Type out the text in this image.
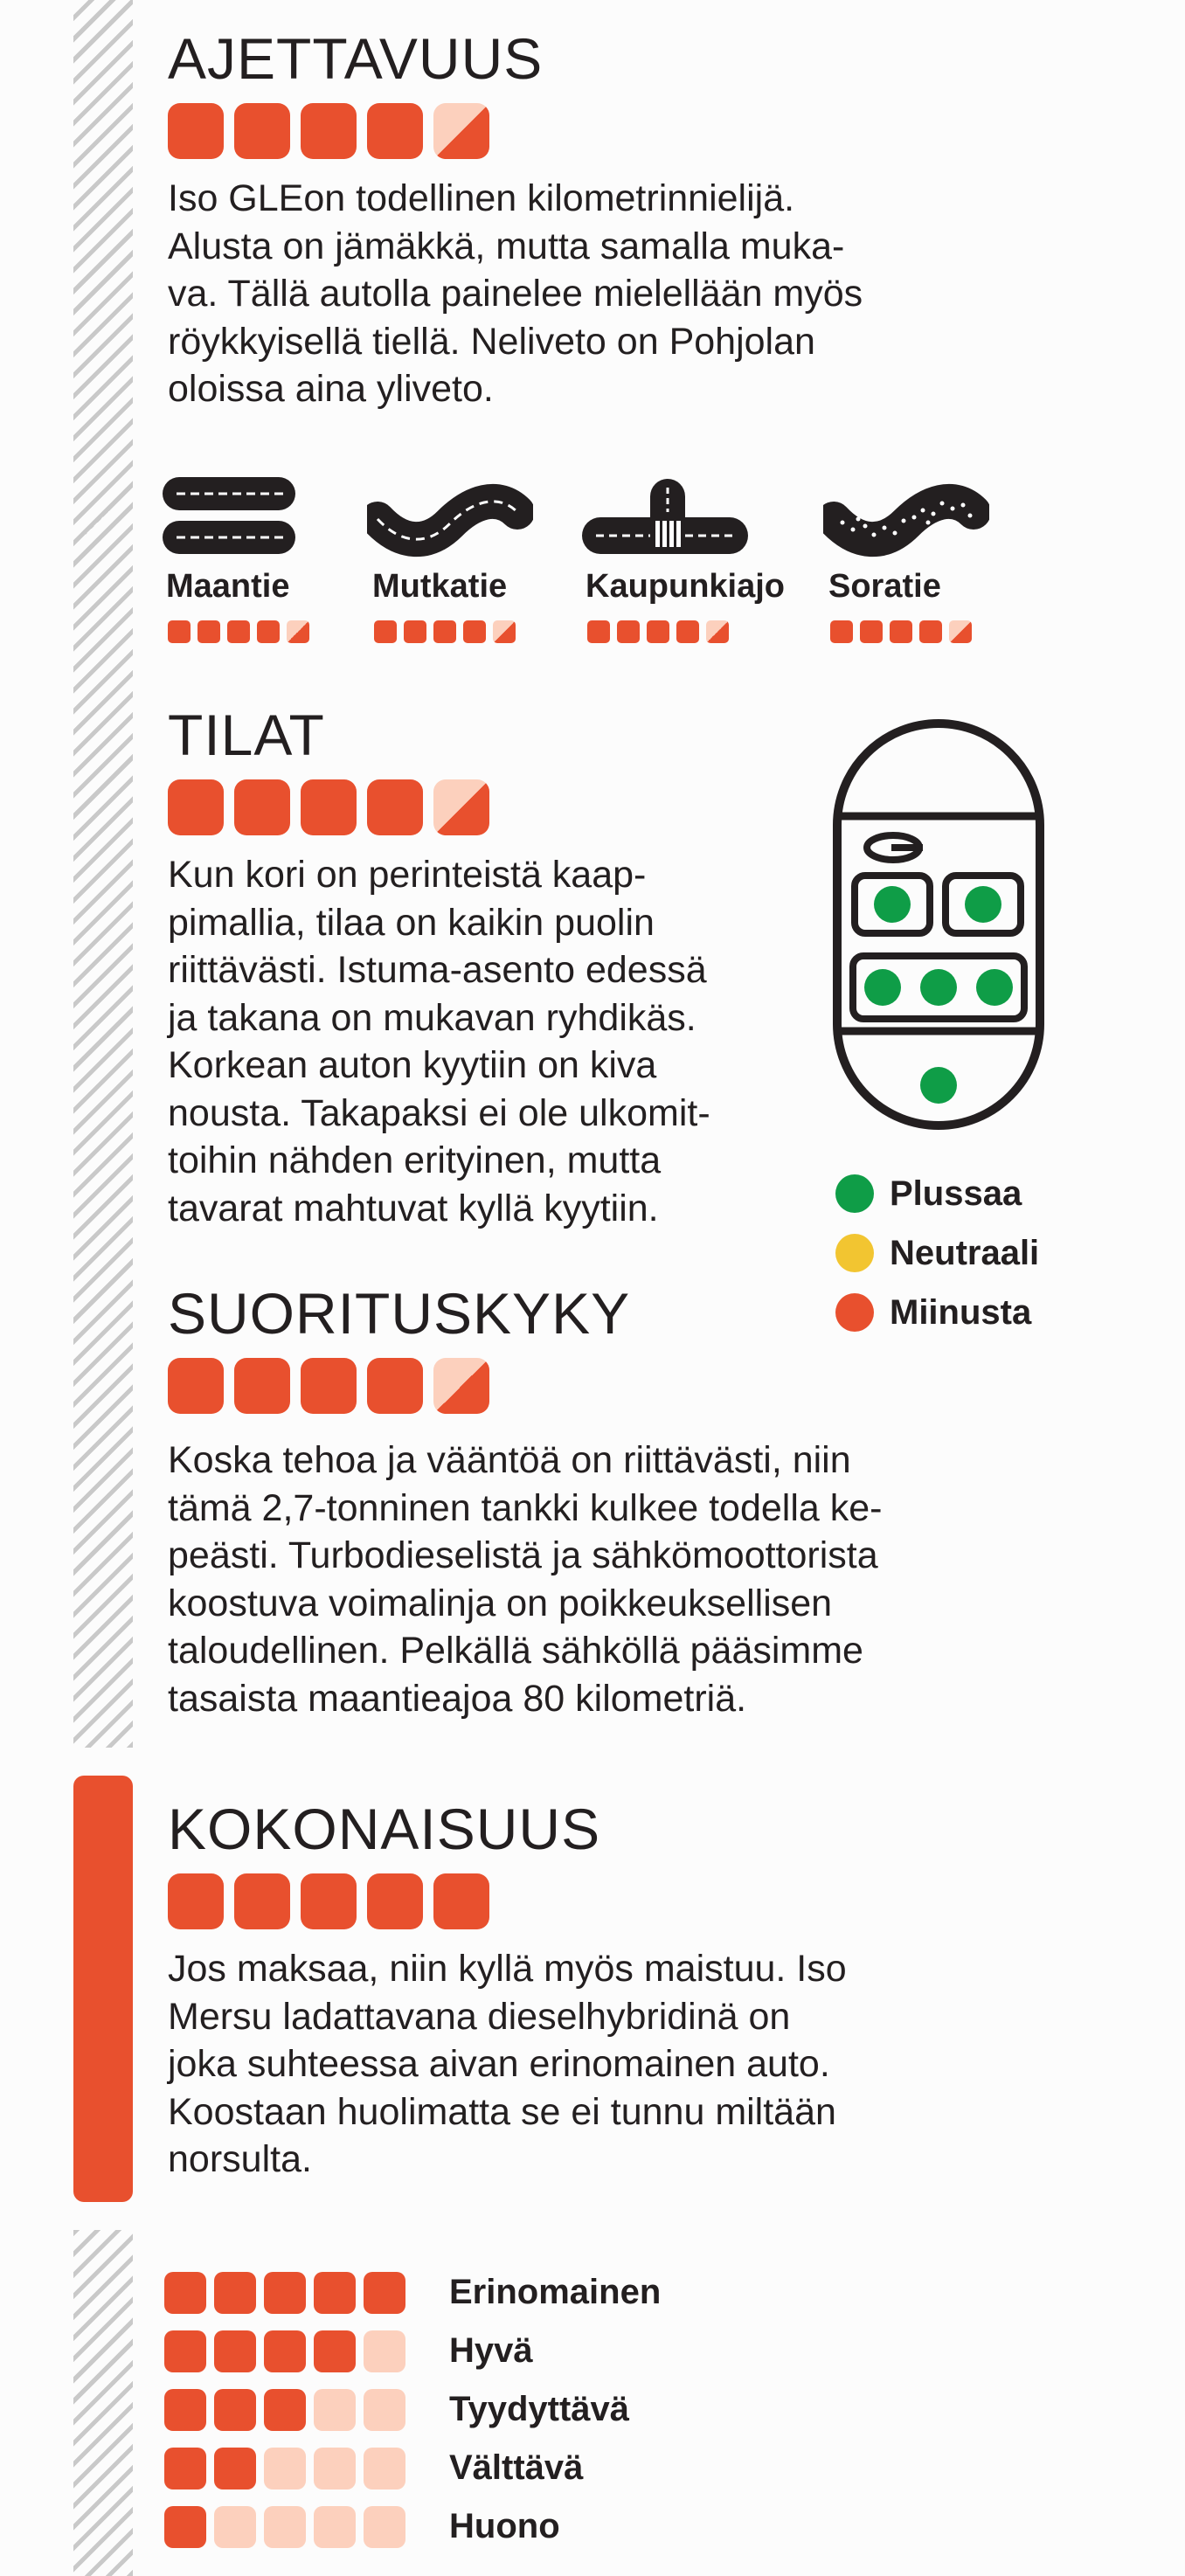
AJETTAVUUS

Iso GLEon todellinen kilometrinnielijä.
Alusta on jämäkkä, mutta samalla muka-
va. Tällä autolla painelee mielellään myös
röykkyisellä tiellä. Neliveto on Pohjolan
oloissa aina yliveto.

Maantie Mutkatie Kaupunkiajo Soratie
TILAT

Kun kori on perinteistä kaap-
pimallia, tilaa on kaikin puolin
riittävästi. Istuma-asento edessä
ja takana on mukavan ryhdikäs.
Korkean auton kyytiin on kiva
nousta. Takapaksi ei ole ulkomit-
toihin nähden erityinen, mutta
tavarat mahtuvat kyllä kyytiin.	Plussaa
Neutraali
Miinusta
SUORITUSKYKY

Koska tehoa ja vääntöä on riittävästi, niin
tämä 2,7-tonninen tankki kulkee todella ke-
peästi. Turbodieselistä ja sähkömoottorista
koostuva voimalinja on poikkeuksellisen
taloudellinen. Pelkällä sähköllä pääsimme
tasaista maantieajoa 80 kilometriä.

KOKONAISUUS

Jos maksaa, niin kyllä myös maistuu. Iso
Mersu ladattavana dieselhybridinä on
joka suhteessa aivan erinomainen auto.
Koostaan huolimatta se ei tunnu miltään
norsulta.

Erinomainen
Hyvä
Tyydyttävä
Välttävä
Huono
